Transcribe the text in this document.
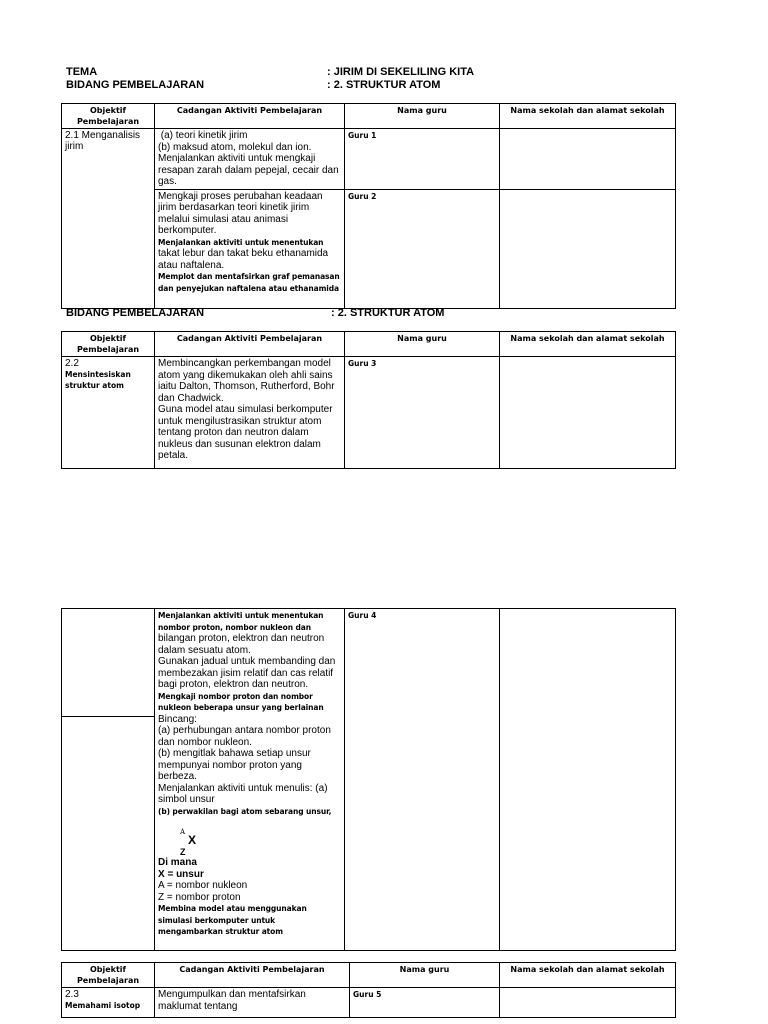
TEMA	: JIRIM DI SEKELILING KITA
BIDANG PEMBELAJARAN	: 2. STRUKTUR ATOM
Objektif Pembelajaran	Cadangan Aktiviti Pembelajaran	Nama guru	Nama sekolah dan alamat sekolah
2.1 Menganalisis jirim	(a) teori kinetik jirim
(b) maksud atom, molekul dan ion.
Menjalankan aktiviti untuk mengkaji resapan zarah dalam pepejal, cecair dan gas.	Guru 1	

	Mengkaji proses perubahan keadaan jirim berdasarkan teori kinetik jirim melalui simulasi atau animasi berkomputer.
Menjalankan aktiviti untuk menentukan
takat lebur dan takat beku ethanamida atau naftalena.
Memplot dan mentafsirkan graf pemanasan dan penyejukan naftalena atau ethanamida	Guru 2	
BIDANG PEMBELAJARAN	: 2. STRUKTUR ATOM
Objektif Pembelajaran	Cadangan Aktiviti Pembelajaran	Nama guru	Nama sekolah dan alamat sekolah

2.2
Mensintesiskan struktur atom	Membincangkan perkembangan model atom yang dikemukakan oleh ahli sains iaitu Dalton, Thomson, Rutherford, Bohr dan Chadwick.
Guna model atau simulasi berkomputer untuk mengilustrasikan struktur atom tentang proton dan neutron dalam nukleus dan susunan elektron dalam petala.	Guru 3	

Menjalankan aktiviti untuk menentukan nombor proton, nombor nukleon dan
bilangan proton, elektron dan neutron dalam sesuatu atom.
Gunakan jadual untuk membanding dan membezakan jisim relatif dan cas relatif bagi proton, elektron dan neutron.
Mengkaji nombor proton dan nombor nukleon beberapa unsur yang berlainan
Bincang:
(a) perhubungan antara nombor proton dan nombor nukleon.
(b) mengitlak bahawa setiap unsur mempunyai nombor proton yang berbeza.
Menjalankan aktiviti untuk menulis: (a) simbol unsur
(b) perwakilan bagi atom sebarang unsur,
A
X
Z
Di mana
X = unsur
A = nombor nukleon
Z = nombor proton
Membina model atau menggunakan simulasi berkomputer untuk mengambarkan struktur atom
	Guru 4	

Objektif Pembelajaran	Cadangan Aktiviti Pembelajaran	Nama guru	Nama sekolah dan alamat sekolah

2.3
Memahami isotop	Mengumpulkan dan mentafsirkan maklumat tentang	Guru 5	
